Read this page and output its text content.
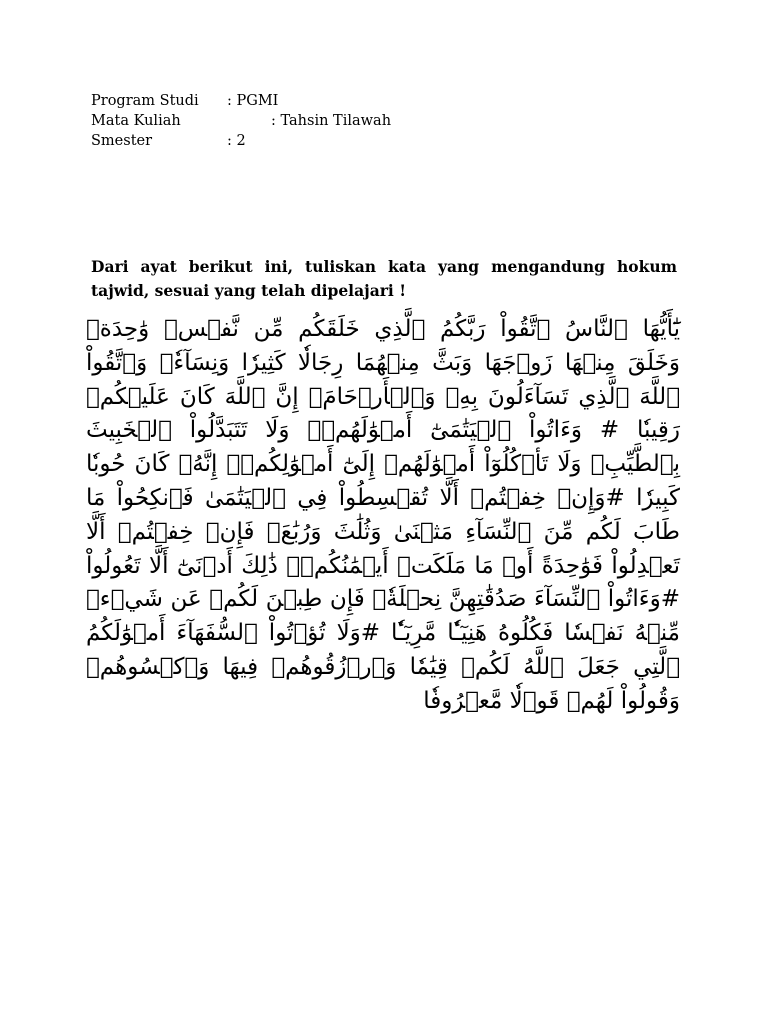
Program Studi : PGMI
Mata Kuliah	: Tahsin Tilawah
Smester	: 2

Dari ayat berikut ini, tuliskan kata yang mengandung hokum tajwid, sesuai yang telah dipelajari !

يَٰٓأَيُّهَا ٱلنَّاسُ ٱتَّقُواْ رَبَّكُمُ ٱلَّذِي خَلَقَكُم مِّن نَّفۡسٖ وَٰحِدَةٖ وَخَلَقَ مِنۡهَا زَوۡجَهَا وَبَثَّ مِنۡهُمَا رِجَالٗا كَثِيرٗا وَنِسَآءٗۚ وَٱتَّقُواْ ٱللَّهَ ٱلَّذِي تَسَآءَلُونَ بِهِۦ وَٱلۡأَرۡحَامَۚ إِنَّ ٱللَّهَ كَانَ عَلَيۡكُمۡ رَقِيبٗا # وَءَاتُواْ ٱلۡيَتَٰمَىٰٓ أَمۡوَٰلَهُمۡۖ وَلَا تَتَبَدَّلُواْ ٱلۡخَبِيثَ بِٱلطَّيِّبِۖ وَلَا تَأۡكُلُوٓاْ أَمۡوَٰلَهُمۡ إِلَىٰٓ أَمۡوَٰلِكُمۡۚ إِنَّهُۥ كَانَ حُوبٗا كَبِيرٗا #وَإِنۡ خِفۡتُمۡ أَلَّا تُقۡسِطُواْ فِي ٱلۡيَتَٰمَىٰ فَٱنكِحُواْ مَا طَابَ لَكُم مِّنَ ٱلنِّسَآءِ مَثۡنَىٰ وَثُلَٰثَ وَرُبَٰعَۖ فَإِنۡ خِفۡتُمۡ أَلَّا تَعۡدِلُواْ فَوَٰحِدَةً أَوۡ مَا مَلَكَتۡ أَيۡمَٰنُكُمۡۚ ذَٰلِكَ أَدۡنَىٰٓ أَلَّا تَعُولُواْ #وَءَاتُواْ ٱلنِّسَآءَ صَدُقَٰتِهِنَّ نِحۡلَةٗۚ فَإِن طِبۡنَ لَكُمۡ عَن شَيۡءٖ مِّنۡهُ نَفۡسٗا فَكُلُوهُ هَنِيٓـٔٗا مَّرِيٓـٔٗا #وَلَا تُؤۡتُواْ ٱلسُّفَهَآءَ أَمۡوَٰلَكُمُ ٱلَّتِي جَعَلَ ٱللَّهُ لَكُمۡ قِيَٰمٗا وَٱرۡزُقُوهُمۡ فِيهَا وَٱكۡسُوهُمۡ وَقُولُواْ لَهُمۡ قَوۡلٗا مَّعۡرُوفٗا
